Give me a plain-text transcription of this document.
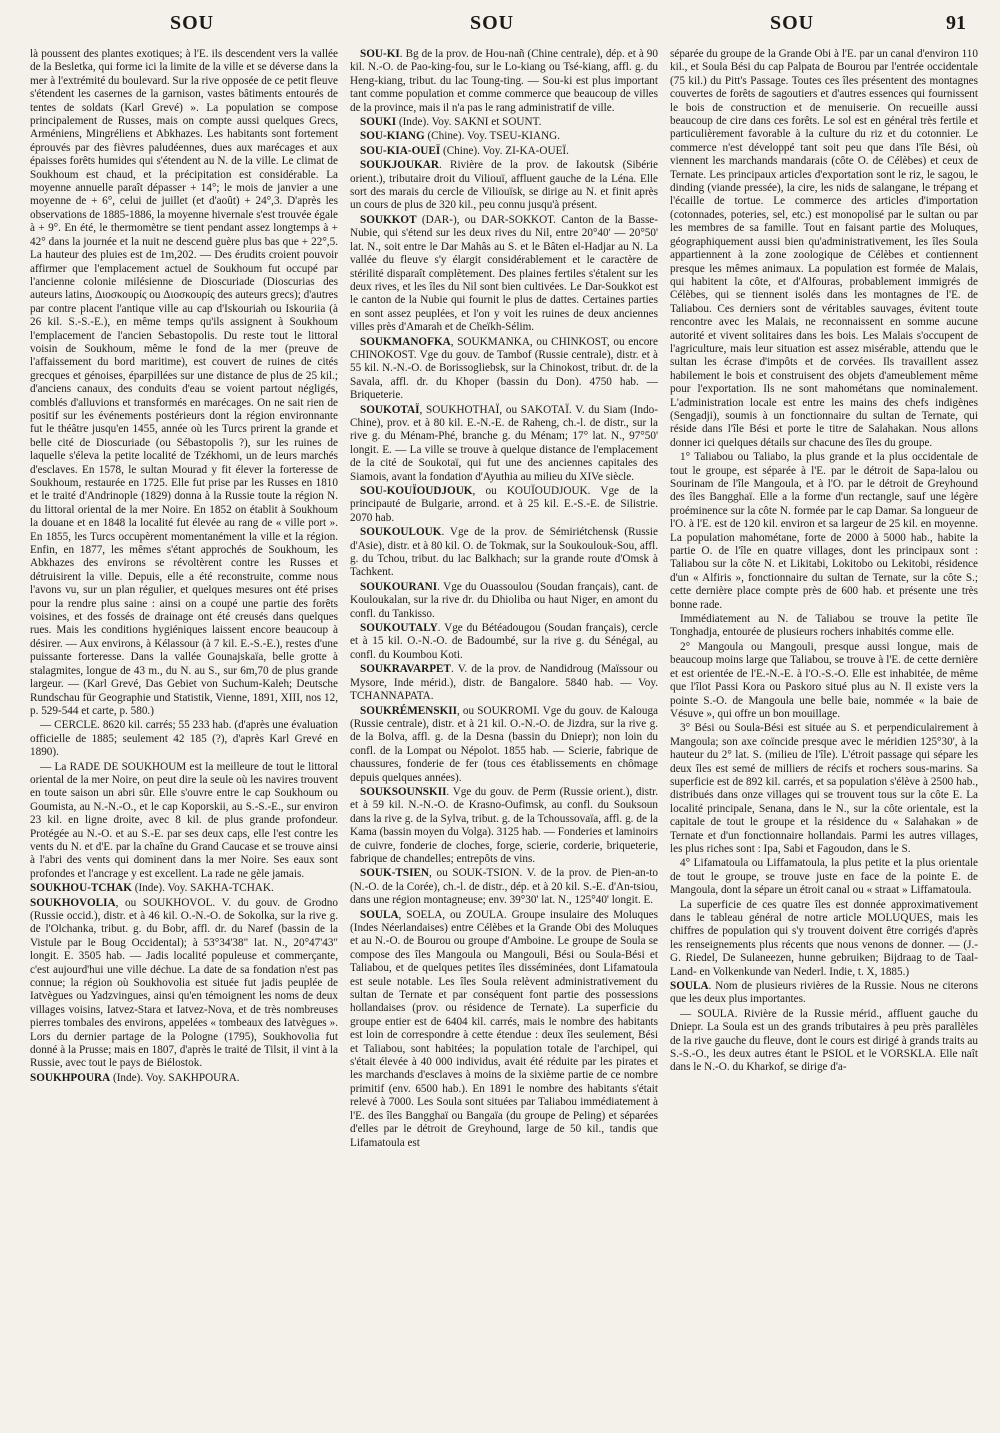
SOU	SOU	SOU	91

là poussent des plantes exotiques; à l'E. ils descendent vers la vallée de la Besletka, qui forme ici la limite de la ville et se déverse dans la mer à l'extrémité du boulevard. Sur la rive opposée de ce petit fleuve s'étendent les casernes de la garnison, vastes bâtiments entourés de tentes de soldats (Karl Grevé) ». La population se compose principalement de Russes, mais on compte aussi quelques Grecs, Arméniens, Mingréliens et Abkhazes. Les habitants sont fortement éprouvés par des fièvres paludéennes, dues aux marécages et aux épaisses forêts humides qui s'étendent au N. de la ville. Le climat de Soukhoum est chaud, et la précipitation est considérable. La moyenne annuelle paraît dépasser + 14°; le mois de janvier a une moyenne de + 6°, celui de juillet (et d'août) + 24°,3. D'après les observations de 1885-1886, la moyenne hivernale s'est trouvée égale à + 9°. En été, le thermomètre se tient pendant assez longtemps à + 42° dans la journée et la nuit ne descend guère plus bas que + 22°,5. La hauteur des pluies est de 1m,202. — Des érudits croient pouvoir affirmer que l'emplacement actuel de Soukhoum fut occupé par l'ancienne colonie milésienne de Dioscuriade (Dioscurias des auteurs latins, Διοσκουρίς ou Διοσκουρίς des auteurs grecs); d'autres par contre placent l'antique ville au cap d'Iskouriah ou Iskouriia (à 26 kil. S.-S.-E.), en même temps qu'ils assignent à Soukhoum l'emplacement de l'ancien Sebastopolis. Du reste tout le littoral voisin de Soukhoum, même le fond de la mer (preuve de l'affaissement du bord maritime), est couvert de ruines de cités grecques et génoises, éparpillées sur une distance de plus de 25 kil.; d'anciens canaux, des conduits d'eau se voient partout négligés, comblés d'alluvions et transformés en marécages. On ne sait rien de positif sur les événements postérieurs dont la région environnante fut le théâtre jusqu'en 1455, année où les Turcs prirent la grande et belle cité de Dioscuriade (ou Sébastopolis ?), sur les ruines de laquelle s'éleva la petite localité de Tzékhomi, un de leurs marchés d'esclaves. En 1578, le sultan Mourad y fit élever la forteresse de Soukhoum, restaurée en 1725. Elle fut prise par les Russes en 1810 et le traité d'Andrinople (1829) donna à la Russie toute la région N. du littoral oriental de la mer Noire. En 1852 on établit à Soukhoum la douane et en 1848 la localité fut élevée au rang de « ville port ». En 1855, les Turcs occupèrent momentanément la ville et la région. Enfin, en 1877, les mêmes s'étant approchés de Soukhoum, les Abkhazes des environs se révoltèrent contre les Russes et détruisirent la ville. Depuis, elle a été reconstruite, comme nous l'avons vu, sur un plan régulier, et quelques mesures ont été prises pour la rendre plus saine : ainsi on a coupé une partie des forêts voisines, et des fossés de drainage ont été creusés dans quelques rues. Mais les conditions hygiéniques laissent encore beaucoup à désirer. — Aux environs, à Kélassour (à 7 kil. E.-S.-E.), restes d'une puissante forteresse. Dans la vallée Gounajskaïa, belle grotte à stalagmites, longue de 43 m., du N. au S., sur 6m,70 de plus grande largeur. — (Karl Grevé, Das Gebiet von Suchum-Kaleh; Deutsche Rundschau für Geographie und Statistik, Vienne, 1891, XIII, nos 12, p. 529-544 et carte, p. 580.)

— CERCLE. 8620 kil. carrés; 55 233 hab. (d'après une évaluation officielle de 1885; seulement 42 185 (?), d'après Karl Grevé en 1890).

— La RADE DE SOUKHOUM est la meilleure de tout le littoral oriental de la mer Noire, on peut dire la seule où les navires trouvent en toute saison un abri sûr. Elle s'ouvre entre le cap Soukhoum ou Goumista, au N.-N.-O., et le cap Koporskii, au S.-S.-E., sur environ 23 kil. en ligne droite, avec 8 kil. de plus grande profondeur. Protégée au N.-O. et au S.-E. par ses deux caps, elle l'est contre les vents du N. et d'E. par la chaîne du Grand Caucase et se trouve ainsi à l'abri des vents qui dominent dans la mer Noire. Ses eaux sont profondes et l'ancrage y est excellent. La rade ne gèle jamais.

SOUKHOU-TCHAK (Inde). Voy. SAKHA-TCHAK.

SOUKHOVOLIA, ou SOUKHOVOL. V. du gouv. de Grodno (Russie occid.), distr. et à 46 kil. O.-N.-O. de Sokolka, sur la rive g. de l'Olchanka, tribut. g. du Bobr, affl. dr. du Naref (bassin de la Vistule par le Boug Occidental); à 53°34'38" lat. N., 20°47'43" longit. E. 3505 hab. — Jadis localité populeuse et commerçante, c'est aujourd'hui une ville déchue. La date de sa fondation n'est pas connue; la région où Soukhovolia est située fut jadis peuplée de Iatvègues ou Yadzvingues, ainsi qu'en témoignent les noms de deux villages voisins, Iatvez-Stara et Iatvez-Nova, et de très nombreuses pierres tombales des environs, appelées « tombeaux des Iatvègues ». Lors du dernier partage de la Pologne (1795), Soukhovolia fut donné à la Prusse; mais en 1807, d'après le traité de Tilsit, il vint à la Russie, avec tout le pays de Biélostok.

SOUKHPOURA (Inde). Voy. SAKHPOURA.

SOU-KI. Bg de la prov. de Hou-nañ (Chine centrale), dép. et à 90 kil. N.-O. de Pao-king-fou, sur le Lo-kiang ou Tsé-kiang, affl. g. du Heng-kiang, tribut. du lac Toung-ting. — Sou-ki est plus important tant comme population et comme commerce que beaucoup de villes de la province, mais il n'a pas le rang administratif de ville.

SOUKI (Inde). Voy. SAKNI et SOUNT.

SOU-KIANG (Chine). Voy. TSEU-KIANG.

SOU-KIA-OUEÏ (Chine). Voy. ZI-KA-OUEÏ.

SOUKJOUKAR. Rivière de la prov. de Iakoutsk (Sibérie orient.), tributaire droit du Viliouï, affluent gauche de la Léna. Elle sort des marais du cercle de Viliouïsk, se dirige au N. et finit après un cours de plus de 320 kil., peu connu jusqu'à présent.

SOUKKOT (DAR-), ou DAR-SOKKOT. Canton de la Basse-Nubie, qui s'étend sur les deux rives du Nil, entre 20°40' — 20°50' lat. N., soit entre le Dar Mahâs au S. et le Bâten el-Hadjar au N. La vallée du fleuve s'y élargit considérablement et le caractère de stérilité disparaît complètement. Des plaines fertiles s'étalent sur les deux rives, et les îles du Nil sont bien cultivées. Le Dar-Soukkot est le canton de la Nubie qui fournit le plus de dattes. Certaines parties en sont assez peuplées, et l'on y voit les ruines de deux anciennes villes près d'Amarah et de Cheïkh-Sélim.

SOUKMANOFKA, SOUKMANKA, ou CHINKOST, ou encore CHINOKOST. Vge du gouv. de Tambof (Russie centrale), distr. et à 55 kil. N.-N.-O. de Borissogliebsk, sur la Chinokost, tribut. dr. de la Savala, affl. dr. du Khoper (bassin du Don). 4750 hab. — Briqueterie.

SOUKOTAÏ, SOUKHOTHAÏ, ou SAKOTAÏ. V. du Siam (Indo-Chine), prov. et à 80 kil. E.-N.-E. de Raheng, ch.-l. de distr., sur la rive g. du Ménam-Phé, branche g. du Ménam; 17° lat. N., 97°50' longit. E. — La ville se trouve à quelque distance de l'emplacement de la cité de Soukotaï, qui fut une des anciennes capitales des Siamois, avant la fondation d'Ayuthia au milieu du XIVe siècle.

SOU-KOUÏOUDJOUK, ou KOUÏOUDJOUK. Vge de la principauté de Bulgarie, arrond. et à 25 kil. E.-S.-E. de Silistrie. 2070 hab.

SOUKOULOUK. Vge de la prov. de Sémiriétchensk (Russie d'Asie), distr. et à 80 kil. O. de Tokmak, sur la Soukoulouk-Sou, affl. g. du Tchou, tribut. du lac Balkhach; sur la grande route d'Omsk à Tachkent.

SOUKOURANI. Vge du Ouassoulou (Soudan français), cant. de Kouloukalan, sur la rive dr. du Dhioliba ou haut Niger, en amont du confl. du Tankisso.

SOUKOUTALY. Vge du Bétéadougou (Soudan français), cercle et à 15 kil. O.-N.-O. de Badoumbé, sur la rive g. du Sénégal, au confl. du Koumbou Koti.

SOUKRAVARPET. V. de la prov. de Nandidroug (Maïssour ou Mysore, Inde mérid.), distr. de Bangalore. 5840 hab. — Voy. TCHANNAPATA.

SOUKRÉMENSKII, ou SOUKROMI. Vge du gouv. de Kalouga (Russie centrale), distr. et à 21 kil. O.-N.-O. de Jizdra, sur la rive g. de la Bolva, affl. g. de la Desna (bassin du Dniepr); non loin du confl. de la Lompat ou Népolot. 1855 hab. — Scierie, fabrique de chaussures, fonderie de fer (tous ces établissements en chômage depuis quelques années).

SOUKSOUNSKII. Vge du gouv. de Perm (Russie orient.), distr. et à 59 kil. N.-N.-O. de Krasno-Oufimsk, au confl. du Souksoun dans la rive g. de la Sylva, tribut. g. de la Tchoussovaïa, affl. g. de la Kama (bassin moyen du Volga). 3125 hab. — Fonderies et laminoirs de cuivre, fonderie de cloches, forge, scierie, corderie, briqueterie, fabrique de chandelles; entrepôts de vins.

SOUK-TSIEN, ou SOUK-TSION. V. de la prov. de Pien-an-to (N.-O. de la Corée), ch.-l. de distr., dép. et à 20 kil. S.-E. d'An-tsiou, dans une région montagneuse; env. 39°30' lat. N., 125°40' longit. E.

SOULA, SOELA, ou ZOULA. Groupe insulaire des Moluques (Indes Néerlandaises) entre Célèbes et la Grande Obi des Moluques et au N.-O. de Bourou ou groupe d'Amboine. Le groupe de Soula se compose des îles Mangoula ou Mangouli, Bési ou Soula-Bési et Taliabou, et de quelques petites îles disséminées, dont Lifamatoula est seule notable. Les îles Soula relèvent administrativement du sultan de Ternate et par conséquent font partie des possessions hollandaises (prov. ou résidence de Ternate). La superficie du groupe entier est de 6404 kil. carrés, mais le nombre des habitants est loin de correspondre à cette étendue : deux îles seulement, Bési et Taliabou, sont habitées; la population totale de l'archipel, qui s'était élevée à 40 000 individus, avait été réduite par les pirates et les marchands d'esclaves à moins de la sixième partie de ce nombre primitif (env. 6500 hab.). En 1891 le nombre des habitants s'était relevé à 7000. Les Soula sont situées par Taliabou immédiatement à l'E. des îles Bangghaï ou Bangaïa (du groupe de Peling) et séparées d'elles par le détroit de Greyhound, large de 50 kil., tandis que Lifamatoula est

séparée du groupe de la Grande Obi à l'E. par un canal d'environ 110 kil., et Soula Bési du cap Palpata de Bourou par l'entrée occidentale (75 kil.) du Pitt's Passage. Toutes ces îles présentent des montagnes couvertes de forêts de sagoutiers et d'autres essences qui fournissent le bois de construction et de menuiserie. On recueille aussi beaucoup de cire dans ces forêts. Le sol est en général très fertile et particulièrement favorable à la culture du riz et du cotonnier. Le commerce n'est développé tant soit peu que dans l'île Bési, où viennent les marchands mandarais (côte O. de Célèbes) et ceux de Ternate. Les principaux articles d'exportation sont le riz, le sagou, le dinding (viande pressée), la cire, les nids de salangane, le trépang et l'écaille de tortue. Le commerce des articles d'importation (cotonnades, poteries, sel, etc.) est monopolisé par le sultan ou par les membres de sa famille. Tout en faisant partie des Moluques, géographiquement aussi bien qu'administrativement, les îles Soula appartiennent à la zone zoologique de Célèbes et contiennent presque les mêmes animaux. La population est formée de Malais, qui habitent la côte, et d'Alfouras, probablement immigrés de Célèbes, qui se tiennent isolés dans les montagnes de l'E. de Taliabou. Ces derniers sont de véritables sauvages, évitent toute rencontre avec les Malais, ne reconnaissent en somme aucune autorité et vivent solitaires dans les bois. Les Malais s'occupent de l'agriculture, mais leur situation est assez misérable, attendu que le sultan les écrase d'impôts et de corvées. Ils travaillent assez habilement le bois et construisent des objets d'ameublement même pour l'exportation. Ils ne sont mahométans que nominalement. L'administration locale est entre les mains des chefs indigènes (Sengadji), soumis à un fonctionnaire du sultan de Ternate, qui réside dans l'île Bési et porte le titre de Salahakan. Nous allons donner ici quelques détails sur chacune des îles du groupe.

1° Taliabou ou Taliabo, la plus grande et la plus occidentale de tout le groupe, est séparée à l'E. par le détroit de Sapa-lalou ou Sourinam de l'île Mangoula, et à l'O. par le détroit de Greyhound des îles Bangghaï. Elle a la forme d'un rectangle, sauf une légère proéminence sur la côte N. formée par le cap Damar. Sa longueur de l'O. à l'E. est de 120 kil. environ et sa largeur de 25 kil. en moyenne. La population mahométane, forte de 2000 à 5000 hab., habite la partie O. de l'île en quatre villages, dont les principaux sont : Taliabou sur la côte N. et Likitabi, Lokitobo ou Lekitobi, résidence d'un « Alfiris », fonctionnaire du sultan de Ternate, sur la côte S.; cette dernière place compte près de 600 hab. et présente une très bonne rade.

Immédiatement au N. de Taliabou se trouve la petite île Tonghadja, entourée de plusieurs rochers inhabités comme elle.

2° Mangoula ou Mangouli, presque aussi longue, mais de beaucoup moins large que Taliabou, se trouve à l'E. de cette dernière et est orientée de l'E.-N.-E. à l'O.-S.-O. Elle est inhabitée, de même que l'îlot Passi Kora ou Paskoro situé plus au N. Il existe vers la pointe S.-O. de Mangoula une belle baie, nommée « la baie de Vésuve », qui offre un bon mouillage.

3° Bési ou Soula-Bési est située au S. et perpendiculairement à Mangoula; son axe coïncide presque avec le méridien 125°30', à la hauteur du 2° lat. S. (milieu de l'île). L'étroit passage qui sépare les deux îles est semé de milliers de récifs et rochers sous-marins. Sa superficie est de 892 kil. carrés, et sa population s'élève à 2500 hab., distribués dans onze villages qui se trouvent tous sur la côte E. La localité principale, Senana, dans le N., sur la côte orientale, est la capitale de tout le groupe et la résidence du « Salahakan » de Ternate et d'un fonctionnaire hollandais. Parmi les autres villages, les plus riches sont : Ipa, Sabi et Fagoudon, dans le S.

4° Lifamatoula ou Liffamatoula, la plus petite et la plus orientale de tout le groupe, se trouve juste en face de la pointe E. de Mangoula, dont la sépare un étroit canal ou « straat » Liffamatoula.

La superficie de ces quatre îles est donnée approximativement dans le tableau général de notre article MOLUQUES, mais les chiffres de population qui s'y trouvent doivent être corrigés d'après les renseignements plus récents que nous venons de donner. — (J.-G. Riedel, De Sulaneezen, hunne gebruiken; Bijdraag to de Taal- Land- en Volkenkunde van Nederl. Indie, t. X, 1885.)

SOULA. Nom de plusieurs rivières de la Russie. Nous ne citerons que les deux plus importantes.

— SOULA. Rivière de la Russie mérid., affluent gauche du Dniepr. La Soula est un des grands tributaires à peu près parallèles de la rive gauche du fleuve, dont le cours est dirigé à grands traits au S.-S.-O., les deux autres étant le PSIOL et le VORSKLA. Elle naît dans le N.-O. du Kharkof, se dirige d'a-
